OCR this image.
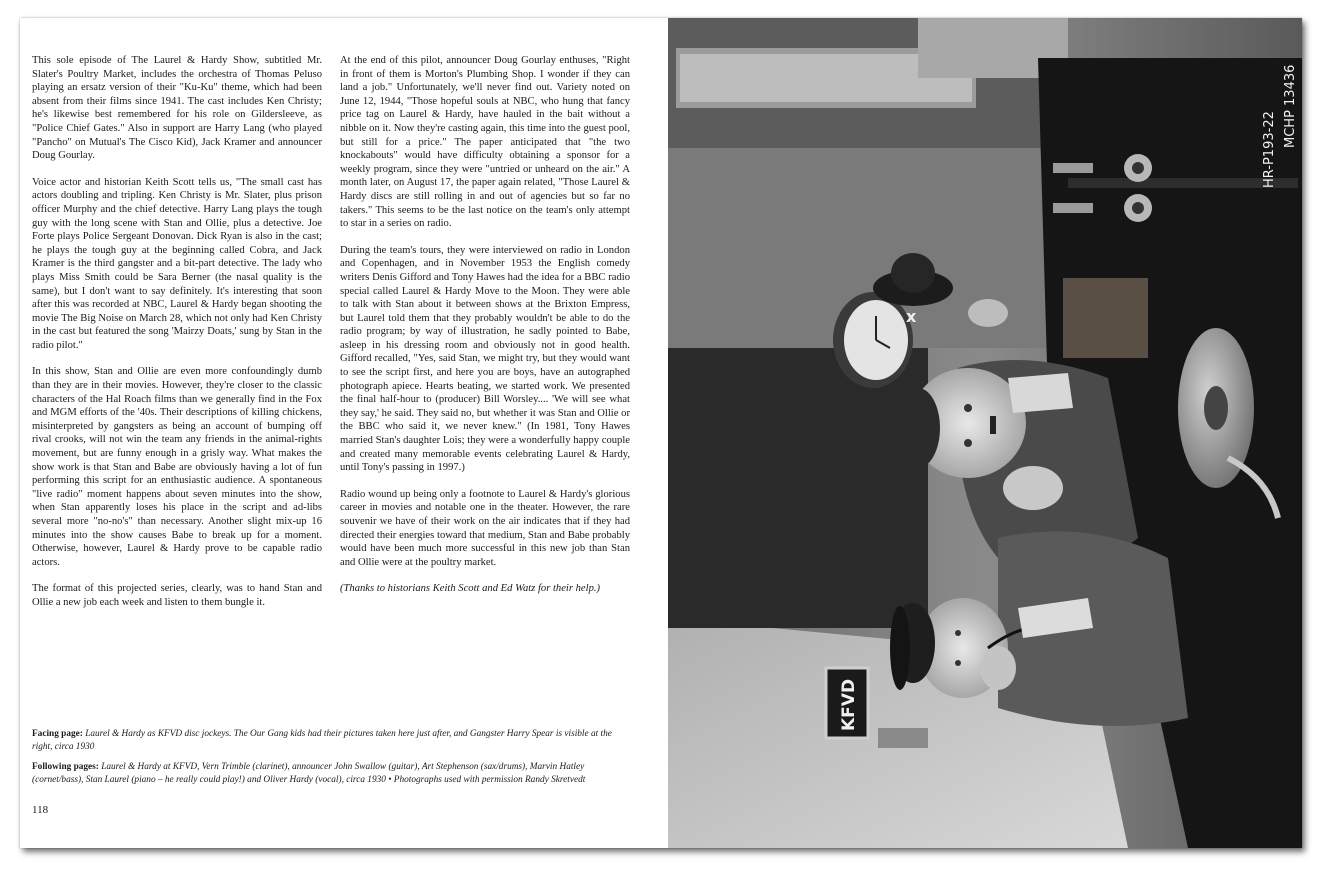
This sole episode of The Laurel & Hardy Show, subtitled Mr. Slater's Poultry Market, includes the orchestra of Thomas Peluso playing an ersatz version of their "Ku-Ku" theme, which had been absent from their films since 1941. The cast includes Ken Christy; he's likewise best remembered for his role on Gildersleeve, as "Police Chief Gates." Also in support are Harry Lang (who played "Pancho" on Mutual's The Cisco Kid), Jack Kramer and announcer Doug Gourlay.

Voice actor and historian Keith Scott tells us, "The small cast has actors doubling and tripling. Ken Christy is Mr. Slater, plus prison officer Murphy and the chief detective. Harry Lang plays the tough guy with the long scene with Stan and Ollie, plus a detective. Joe Forte plays Police Sergeant Donovan. Dick Ryan is also in the cast; he plays the tough guy at the beginning called Cobra, and Jack Kramer is the third gangster and a bit-part detective. The lady who plays Miss Smith could be Sara Berner (the nasal quality is the same), but I don't want to say definitely. It's interesting that soon after this was recorded at NBC, Laurel & Hardy began shooting the movie The Big Noise on March 28, which not only had Ken Christy in the cast but featured the song 'Mairzy Doats,' sung by Stan in the radio pilot."

In this show, Stan and Ollie are even more confoundingly dumb than they are in their movies. However, they're closer to the classic characters of the Hal Roach films than we generally find in the Fox and MGM efforts of the '40s. Their descriptions of killing chickens, misinterpreted by gangsters as being an account of bumping off rival crooks, will not win the team any friends in the animal-rights movement, but are funny enough in a grisly way. What makes the show work is that Stan and Babe are obviously having a lot of fun performing this script for an enthusiastic audience. A spontaneous "live radio" moment happens about seven minutes into the show, when Stan apparently loses his place in the script and ad-libs several more "no-no's" than necessary. Another slight mix-up 16 minutes into the show causes Babe to break up for a moment. Otherwise, however, Laurel & Hardy prove to be capable radio actors.

The format of this projected series, clearly, was to hand Stan and Ollie a new job each week and listen to them bungle it.

At the end of this pilot, announcer Doug Gourlay enthuses, "Right in front of them is Morton's Plumbing Shop. I wonder if they can land a job." Unfortunately, we'll never find out. Variety noted on June 12, 1944, "Those hopeful souls at NBC, who hung that fancy price tag on Laurel & Hardy, have hauled in the bait without a nibble on it. Now they're casting again, this time into the guest pool, but still for a price." The paper anticipated that "the two knockabouts" would have difficulty obtaining a sponsor for a weekly program, since they were "untried or unheard on the air." A month later, on August 17, the paper again related, "Those Laurel & Hardy discs are still rolling in and out of agencies but so far no takers." This seems to be the last notice on the team's only attempt to star in a series on radio.

During the team's tours, they were interviewed on radio in London and Copenhagen, and in November 1953 the English comedy writers Denis Gifford and Tony Hawes had the idea for a BBC radio special called Laurel & Hardy Move to the Moon. They were able to talk with Stan about it between shows at the Brixton Empress, but Laurel told them that they probably wouldn't be able to do the radio program; by way of illustration, he sadly pointed to Babe, asleep in his dressing room and obviously not in good health. Gifford recalled, "Yes, said Stan, we might try, but they would want to see the script first, and here you are boys, have an autographed photograph apiece. Hearts beating, we started work. We presented the final half-hour to (producer) Bill Worsley.... 'We will see what they say,' he said. They said no, but whether it was Stan and Ollie or the BBC who said it, we never knew." (In 1981, Tony Hawes married Stan's daughter Lois; they were a wonderfully happy couple and created many memorable events celebrating Laurel & Hardy, until Tony's passing in 1997.)

Radio wound up being only a footnote to Laurel & Hardy's glorious career in movies and notable one in the theater. However, the rare souvenir we have of their work on the air indicates that if they had directed their energies toward that medium, Stan and Babe probably would have been much more successful in this new job than Stan and Ollie were at the poultry market.

(Thanks to historians Keith Scott and Ed Watz for their help.)

Facing page: Laurel & Hardy as KFVD disc jockeys. The Our Gang kids had their pictures taken here just after, and Gangster Harry Spear is visible at the right, circa 1930

Following pages: Laurel & Hardy at KFVD, Vern Trimble (clarinet), announcer John Swallow (guitar), Art Stephenson (sax/drums), Marvin Hatley (cornet/bass), Stan Laurel (piano – he really could play!) and Oliver Hardy (vocal), circa 1930 • Photographs used with permission Randy Skretvedt

118
x
KFVD
HR-P193-22
MCHP 13436
